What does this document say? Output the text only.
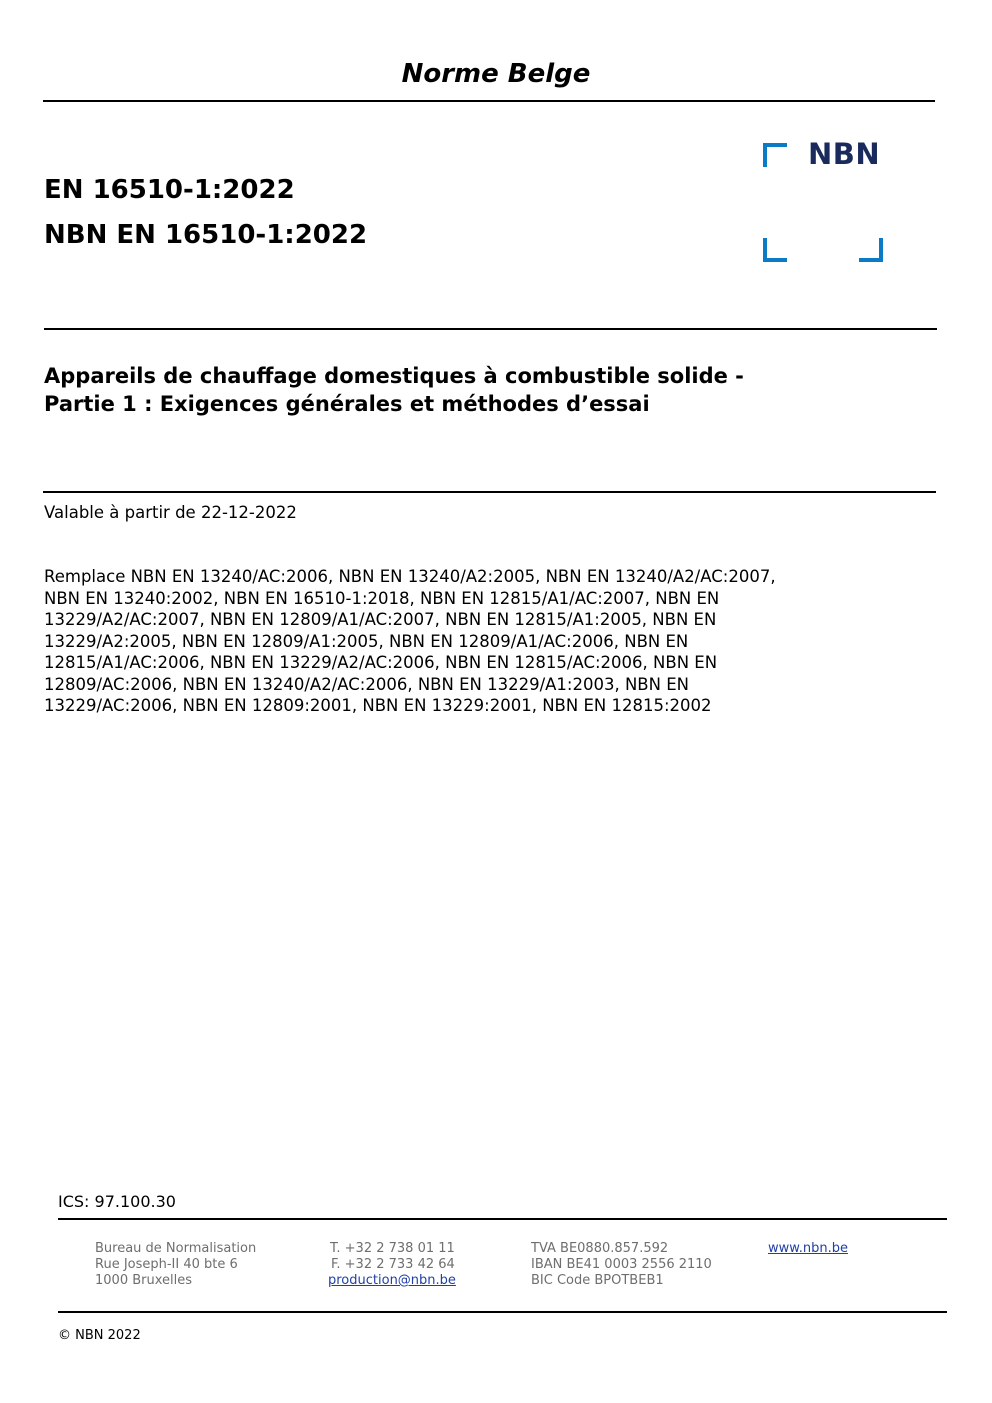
Norme Belge
EN 16510-1:2022
NBN EN 16510-1:2022
NBN
Appareils de chauffage domestiques à combustible solide -
Partie 1 : Exigences générales et méthodes d’essai
Valable à partir de 22-12-2022
Remplace NBN EN 13240/AC:2006, NBN EN 13240/A2:2005, NBN EN 13240/A2/AC:2007,
NBN EN 13240:2002, NBN EN 16510-1:2018, NBN EN 12815/A1/AC:2007, NBN EN
13229/A2/AC:2007, NBN EN 12809/A1/AC:2007, NBN EN 12815/A1:2005, NBN EN
13229/A2:2005, NBN EN 12809/A1:2005, NBN EN 12809/A1/AC:2006, NBN EN
12815/A1/AC:2006, NBN EN 13229/A2/AC:2006, NBN EN 12815/AC:2006, NBN EN
12809/AC:2006, NBN EN 13240/A2/AC:2006, NBN EN 13229/A1:2003, NBN EN
13229/AC:2006, NBN EN 12809:2001, NBN EN 13229:2001, NBN EN 12815:2002
ICS: 97.100.30
Bureau de Normalisation
Rue Joseph-II 40 bte 6
1000 Bruxelles
T. +32 2 738 01 11
F. +32 2 733 42 64
production@nbn.be
TVA BE0880.857.592
IBAN BE41 0003 2556 2110
BIC Code BPOTBEB1
www.nbn.be
© NBN 2022
